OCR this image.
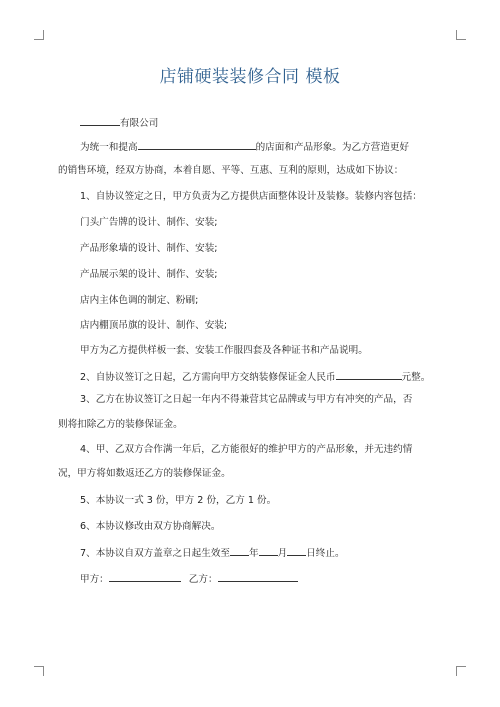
店铺硬装装修合同 模板
有限公司
为统一和提高	的店面和产品形象。为乙方营造更好
的销售环境，经双方协商，本着自愿、平等、互惠、互利的原则，达成如下协议：
1、自协议签定之日，甲方负责为乙方提供店面整体设计及装修。装修内容包括：
门头广告牌的设计、制作、安装;
产品形象墙的设计、制作、安装;
产品展示架的设计、制作、安装;
店内主体色调的制定、粉刷;
店内棚顶吊旗的设计、制作、安装;
甲方为乙方提供样板一套、安装工作服四套及各种证书和产品说明。
2、自协议签订之日起，乙方需向甲方交纳装修保证金人民币	元整。
3、乙方在协议签订之日起一年内不得兼营其它品牌或与甲方有冲突的产品，否
则将扣除乙方的装修保证金。
4、甲、乙双方合作满一年后，乙方能很好的维护甲方的产品形象，并无违约情
况，甲方将如数返还乙方的装修保证金。
5、本协议一式 3 份，甲方 2 份，乙方 1 份。
6、本协议修改由双方协商解决。
7、本协议自双方盖章之日起生效至 年 月 日终止。
甲方：	乙方：
